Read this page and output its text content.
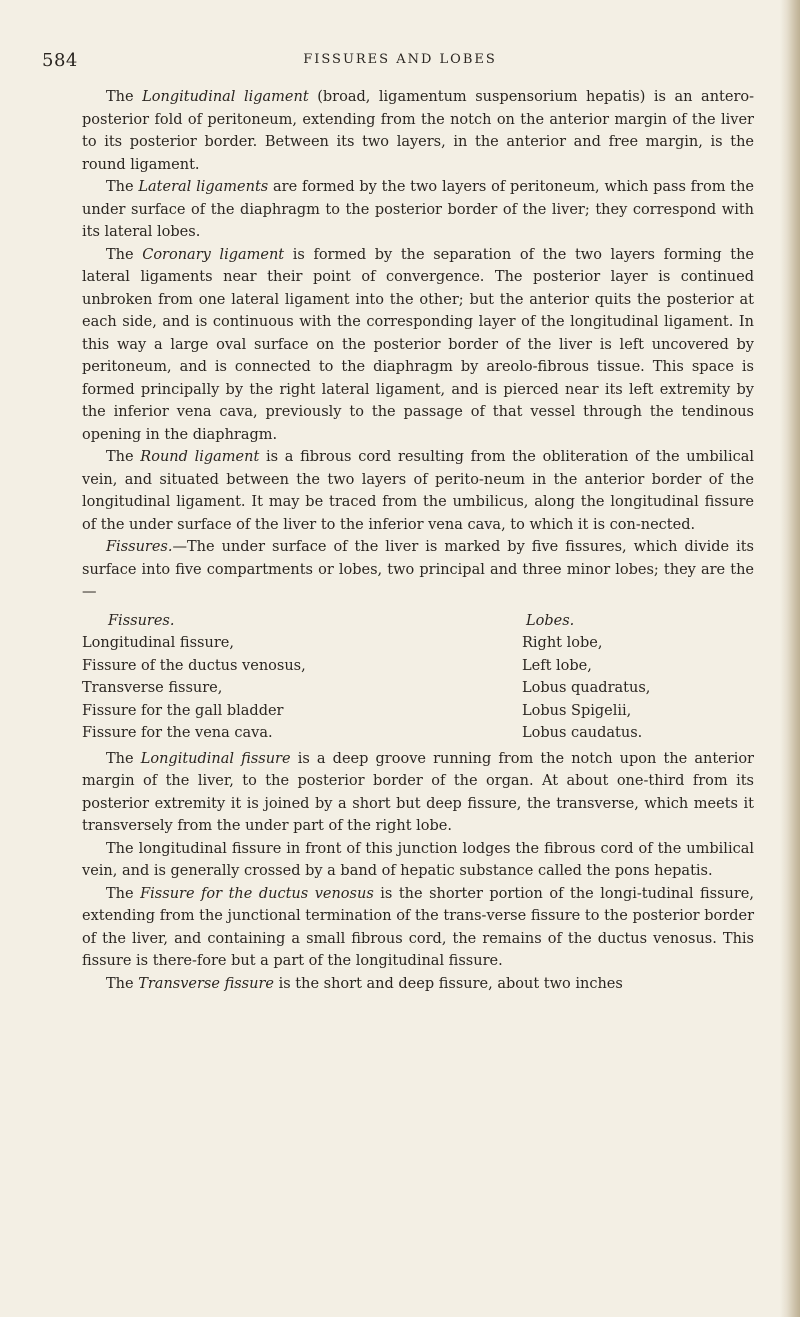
584	FISSURES AND LOBES

The Longitudinal ligament (broad, ligamentum suspensorium hepatis) is an antero-posterior fold of peritoneum, extending from the notch on the anterior margin of the liver to its posterior border. Between its two layers, in the anterior and free margin, is the round ligament.

The Lateral ligaments are formed by the two layers of peritoneum, which pass from the under surface of the diaphragm to the posterior border of the liver; they correspond with its lateral lobes.

The Coronary ligament is formed by the separation of the two layers forming the lateral ligaments near their point of convergence. The posterior layer is continued unbroken from one lateral ligament into the other; but the anterior quits the posterior at each side, and is continuous with the corresponding layer of the longitudinal ligament. In this way a large oval surface on the posterior border of the liver is left uncovered by peritoneum, and is connected to the diaphragm by areolo-fibrous tissue. This space is formed principally by the right lateral ligament, and is pierced near its left extremity by the inferior vena cava, previously to the passage of that vessel through the tendinous opening in the diaphragm.

The Round ligament is a fibrous cord resulting from the obliteration of the umbilical vein, and situated between the two layers of perito-neum in the anterior border of the longitudinal ligament. It may be traced from the umbilicus, along the longitudinal fissure of the under surface of the liver to the inferior vena cava, to which it is con-nected.

Fissures.—The under surface of the liver is marked by five fissures, which divide its surface into five compartments or lobes, two principal and three minor lobes; they are the—

Fissures.
Longitudinal fissure,
Fissure of the ductus venosus,
Transverse fissure,
Fissure for the gall bladder
Fissure for the vena cava.
Lobes.
Right lobe,
Left lobe,
Lobus quadratus,
Lobus Spigelii,
Lobus caudatus.

The Longitudinal fissure is a deep groove running from the notch upon the anterior margin of the liver, to the posterior border of the organ. At about one-third from its posterior extremity it is joined by a short but deep fissure, the transverse, which meets it transversely from the under part of the right lobe.

The longitudinal fissure in front of this junction lodges the fibrous cord of the umbilical vein, and is generally crossed by a band of hepatic substance called the pons hepatis.

The Fissure for the ductus venosus is the shorter portion of the longi-tudinal fissure, extending from the junctional termination of the trans-verse fissure to the posterior border of the liver, and containing a small fibrous cord, the remains of the ductus venosus. This fissure is there-fore but a part of the longitudinal fissure.

The Transverse fissure is the short and deep fissure, about two inches
